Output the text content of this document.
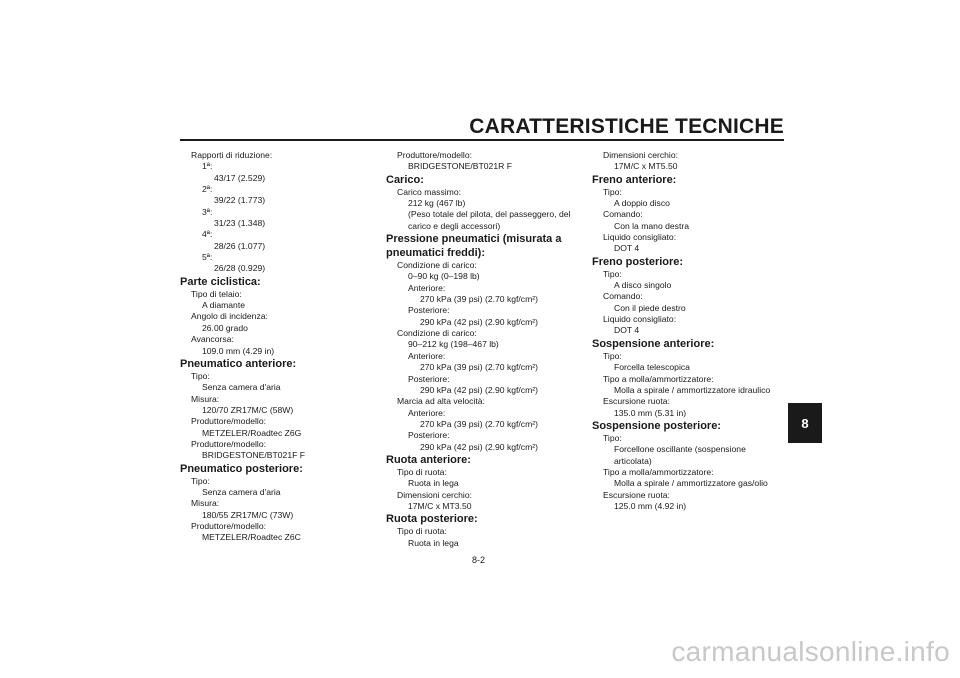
CARATTERISTICHE TECNICHE
8
Rapporti di riduzione:
1ª:
43/17 (2.529)
2ª:
39/22 (1.773)
3ª:
31/23 (1.348)
4ª:
28/26 (1.077)
5ª:
26/28 (0.929)
Parte ciclistica:
Tipo di telaio:
A diamante
Angolo di incidenza:
26.00 grado
Avancorsa:
109.0 mm (4.29 in)
Pneumatico anteriore:
Tipo:
Senza camera d'aria
Misura:
120/70 ZR17M/C (58W)
Produttore/modello:
METZELER/Roadtec Z6G
Produttore/modello:
BRIDGESTONE/BT021F F
Pneumatico posteriore:
Tipo:
Senza camera d'aria
Misura:
180/55 ZR17M/C (73W)
Produttore/modello:
METZELER/Roadtec Z6C
Produttore/modello:
BRIDGESTONE/BT021R F
Carico:
Carico massimo:
212 kg (467 lb)
(Peso totale del pilota, del passeggero, del
carico e degli accessori)
Pressione pneumatici (misurata a
pneumatici freddi):
Condizione di carico:
0–90 kg (0–198 lb)
Anteriore:
270 kPa (39 psi) (2.70 kgf/cm²)
Posteriore:
290 kPa (42 psi) (2.90 kgf/cm²)
Condizione di carico:
90–212 kg (198–467 lb)
Anteriore:
270 kPa (39 psi) (2.70 kgf/cm²)
Posteriore:
290 kPa (42 psi) (2.90 kgf/cm²)
Marcia ad alta velocità:
Anteriore:
270 kPa (39 psi) (2.70 kgf/cm²)
Posteriore:
290 kPa (42 psi) (2.90 kgf/cm²)
Ruota anteriore:
Tipo di ruota:
Ruota in lega
Dimensioni cerchio:
17M/C x MT3.50
Ruota posteriore:
Tipo di ruota:
Ruota in lega
Dimensioni cerchio:
17M/C x MT5.50
Freno anteriore:
Tipo:
A doppio disco
Comando:
Con la mano destra
Liquido consigliato:
DOT 4
Freno posteriore:
Tipo:
A disco singolo
Comando:
Con il piede destro
Liquido consigliato:
DOT 4
Sospensione anteriore:
Tipo:
Forcella telescopica
Tipo a molla/ammortizzatore:
Molla a spirale / ammortizzatore idraulico
Escursione ruota:
135.0 mm (5.31 in)
Sospensione posteriore:
Tipo:
Forcellone oscillante (sospensione
articolata)
Tipo a molla/ammortizzatore:
Molla a spirale / ammortizzatore gas/olio
Escursione ruota:
125.0 mm (4.92 in)
8-2
carmanualsonline.info
